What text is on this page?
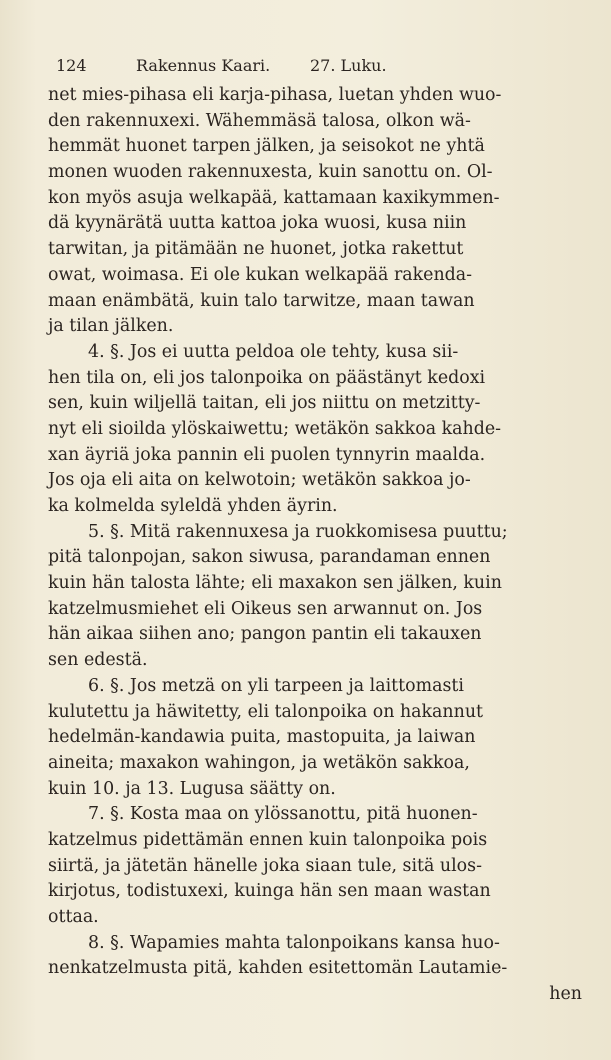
124	Rakennus Kaari. 27. Luku.
net mies-pihasa eli karja-pihasa, luetan yhden wuo-
den rakennuxexi. Wähemmäsä talosa, olkon wä-
hemmät huonet tarpen jälken, ja seisokot ne yhtä
monen wuoden rakennuxesta, kuin sanottu on. Ol-
kon myös asuja welkapää, kattamaan kaxikymmen-
dä kyynärätä uutta kattoa joka wuosi, kusa niin
tarwitan, ja pitämään ne huonet, jotka rakettut
owat, woimasa. Ei ole kukan welkapää rakenda-
maan enämbätä, kuin talo tarwitze, maan tawan
ja tilan jälken.
4. §. Jos ei uutta peldoa ole tehty, kusa sii-
hen tila on, eli jos talonpoika on päästänyt kedoxi
sen, kuin wiljellä taitan, eli jos niittu on metzitty-
nyt eli sioilda ylöskaiwettu; wetäkön sakkoa kahde-
xan äyriä joka pannin eli puolen tynnyrin maalda.
Jos oja eli aita on kelwotoin; wetäkön sakkoa jo-
ka kolmelda syleldä yhden äyrin.
5. §. Mitä rakennuxesa ja ruokkomisesa puuttu;
pitä talonpojan, sakon siwusa, parandaman ennen
kuin hän talosta lähte; eli maxakon sen jälken, kuin
katzelmusmiehet eli Oikeus sen arwannut on. Jos
hän aikaa siihen ano; pangon pantin eli takauxen
sen edestä.
6. §. Jos metzä on yli tarpeen ja laittomasti
kulutettu ja häwitetty, eli talonpoika on hakannut
hedelmän-kandawia puita, mastopuita, ja laiwan
aineita; maxakon wahingon, ja wetäkön sakkoa,
kuin 10. ja 13. Lugusa säätty on.
7. §. Kosta maa on ylössanottu, pitä huonen-
katzelmus pidettämän ennen kuin talonpoika pois
siirtä, ja jätetän hänelle joka siaan tule, sitä ulos-
kirjotus, todistuxexi, kuinga hän sen maan wastan
ottaa.
8. §. Wapamies mahta talonpoikans kansa huo-
nenkatzelmusta pitä, kahden esitettomän Lautamie-
hen
